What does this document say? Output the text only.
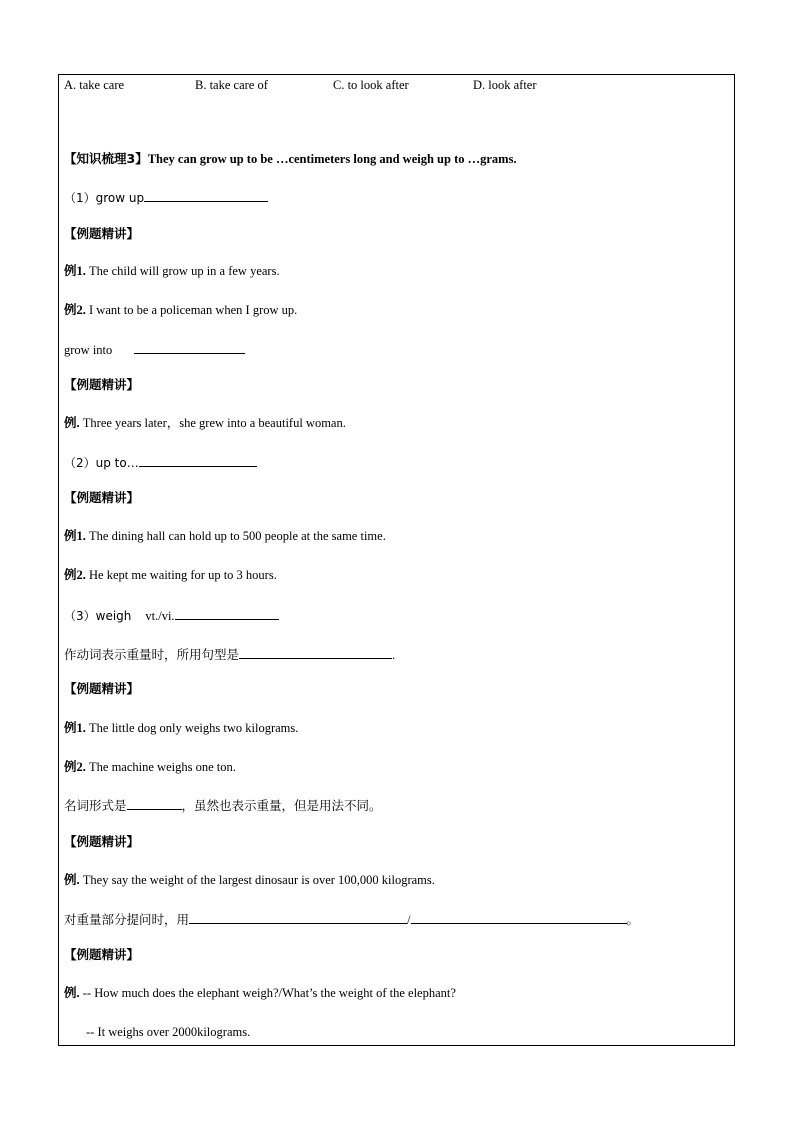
A. take care	B. take care of	C. to look after	D. look after
【知识梳理3】They can grow up to be …centimeters long and weigh up to …grams.
（1）grow up
【例题精讲】
例1. The child will grow up in a few years.
例2. I want to be a policeman when I grow up.
grow into
【例题精讲】
例. Three years later，she grew into a beautiful woman.
（2）up to…
【例题精讲】
例1. The dining hall can hold up to 500 people at the same time.
例2. He kept me waiting for up to 3 hours.
（3）weigh vt./vi.
作动词表示重量时，所用句型是	.
【例题精讲】
例1. The little dog only weighs two kilograms.
例2. The machine weighs one ton.
名词形式是	，虽然也表示重量，但是用法不同。
【例题精讲】
例. They say the weight of the largest dinosaur is over 100,000 kilograms.
对重量部分提问时，用	/	。
【例题精讲】
例. -- How much does the elephant weigh?/What’s the weight of the elephant?
-- It weighs over 2000kilograms.
